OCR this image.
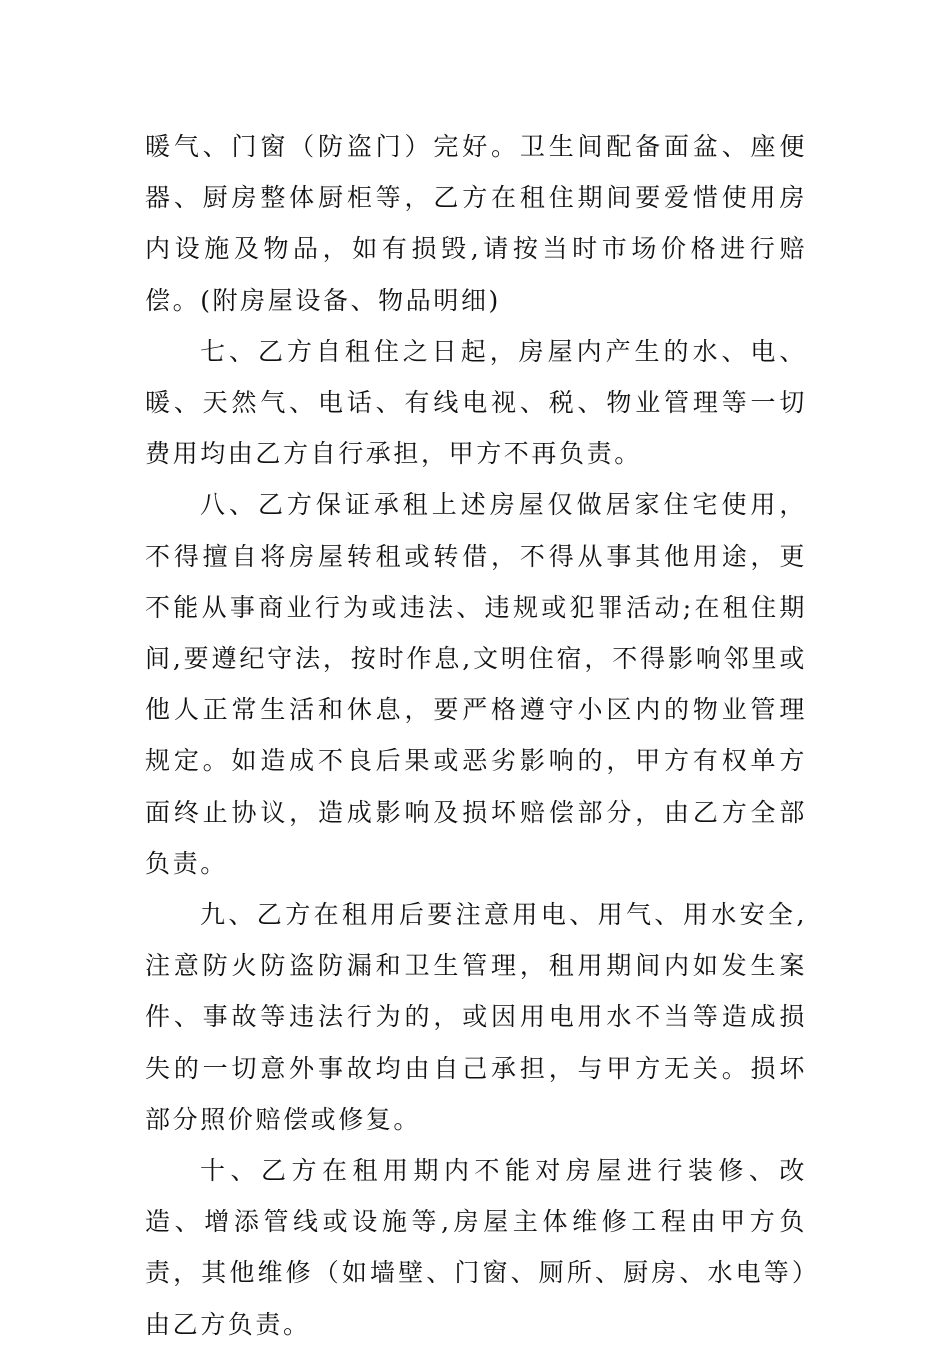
暖气、门窗（防盗门）完好。卫生间配备面盆、座便器、厨房整体厨柜等，乙方在租住期间要爱惜使用房内设施及物品，如有损毁,请按当时市场价格进行赔偿。(附房屋设备、物品明细)

七、乙方自租住之日起，房屋内产生的水、电、暖、天然气、电话、有线电视、税、物业管理等一切费用均由乙方自行承担，甲方不再负责。

八、乙方保证承租上述房屋仅做居家住宅使用，不得擅自将房屋转租或转借，不得从事其他用途，更不能从事商业行为或违法、违规或犯罪活动;在租住期间,要遵纪守法，按时作息,文明住宿，不得影响邻里或他人正常生活和休息，要严格遵守小区内的物业管理规定。如造成不良后果或恶劣影响的，甲方有权单方面终止协议，造成影响及损坏赔偿部分，由乙方全部负责。

九、乙方在租用后要注意用电、用气、用水安全,注意防火防盗防漏和卫生管理，租用期间内如发生案件、事故等违法行为的，或因用电用水不当等造成损失的一切意外事故均由自己承担，与甲方无关。损坏部分照价赔偿或修复。

十、乙方在租用期内不能对房屋进行装修、改造、增添管线或设施等,房屋主体维修工程由甲方负责，其他维修（如墙壁、门窗、厕所、厨房、水电等）由乙方负责。
